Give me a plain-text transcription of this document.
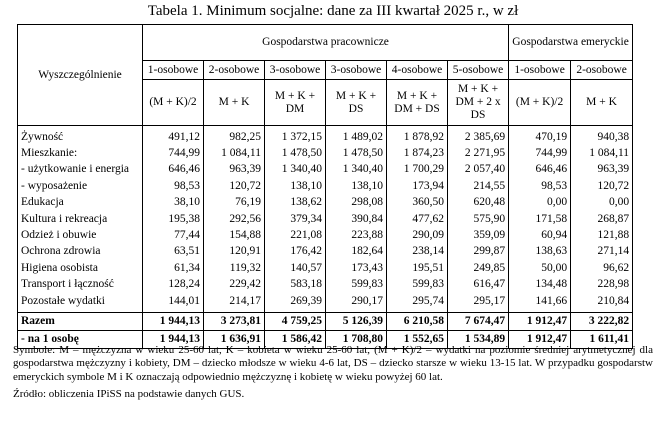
Tabela 1. Minimum socjalne: dane za III kwartał 2025 r., w zł
Wyszczególnienie	Gospodarstwa pracownicze						Gospodarstwa emeryckie	
	1-osobowe	2-osobowe	3-osobowe	3-osobowe	4-osobowe	5-osobowe	1-osobowe	2-osobowe
	(M + K)/2	M + K	M + K + DM	M + K + DS	M + K + DM + DS	M + K + DM + 2 x DS	(M + K)/2	M + K
Żywność	491,12	982,25	1 372,15	1 489,02	1 878,92	2 385,69	470,19	940,38
Mieszkanie:	744,99	1 084,11	1 478,50	1 478,50	1 874,23	2 271,95	744,99	1 084,11
- użytkowanie i energia	646,46	963,39	1 340,40	1 340,40	1 700,29	2 057,40	646,46	963,39
- wyposażenie	98,53	120,72	138,10	138,10	173,94	214,55	98,53	120,72
Edukacja	38,10	76,19	138,62	298,08	360,50	620,48	0,00	0,00
Kultura i rekreacja	195,38	292,56	379,34	390,84	477,62	575,90	171,58	268,87
Odzież i obuwie	77,44	154,88	221,08	223,88	290,09	359,09	60,94	121,88
Ochrona zdrowia	63,51	120,91	176,42	182,64	238,14	299,87	138,63	271,14
Higiena osobista	61,34	119,32	140,57	173,43	195,51	249,85	50,00	96,62
Transport i łączność	128,24	229,42	583,18	599,83	599,83	616,47	134,48	228,98
Pozostałe wydatki	144,01	214,17	269,39	290,17	295,74	295,17	141,66	210,84
Razem	1 944,13	3 273,81	4 759,25	5 126,39	6 210,58	7 674,47	1 912,47	3 222,82
- na 1 osobę	1 944,13	1 636,91	1 586,42	1 708,80	1 552,65	1 534,89	1 912,47	1 611,41

Symbole: M – mężczyzna w wieku 25-60 lat, K – kobieta w wieku 25-60 lat, (M + K)/2 – wydatki na poziomie średniej arytmetycznej dla gospodarstwa mężczyzny i kobiety, DM – dziecko młodsze w wieku 4-6 lat, DS – dziecko starsze w wieku 13-15 lat. W przypadku gospodarstw emeryckich symbole M i K oznaczają odpowiednio mężczyznę i kobietę w wieku powyżej 60 lat.

Źródło: obliczenia IPiSS na podstawie danych GUS.
